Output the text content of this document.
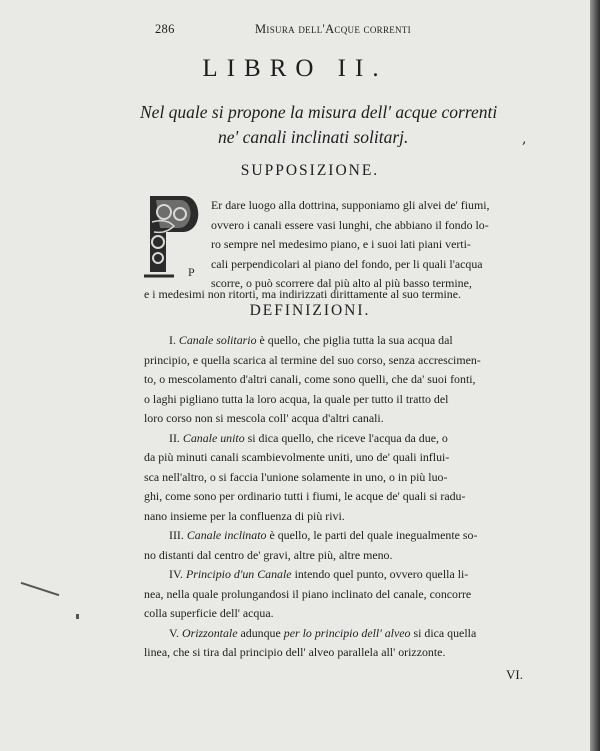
286	Misura dell'Acque correnti
LIBRO II.
Nel quale si propone la misura dell' acque correnti
ne' canali inclinati solitarj.	,
SUPPOSIZIONE.
P
Er dare luogo alla dottrina, supponiamo gli alvei de' fiumi,
ovvero i canali essere vasi lunghi, che abbiano il fondo lo-
ro sempre nel medesimo piano, e i suoi lati piani verti-
cali perpendicolari al piano del fondo, per li quali l'acqua
scorre, o può scorrere dal più alto al più basso termine,
e i medesimi non ritorti, ma indirizzati dirittamente al suo termine.
DEFINIZIONI.
I. Canale solitario è quello, che piglia tutta la sua acqua dal
principio, e quella scarica al termine del suo corso, senza accrescimen-
to, o mescolamento d'altri canali, come sono quelli, che da' suoi fonti,
o laghi pigliano tutta la loro acqua, la quale per tutto il tratto del
loro corso non si mescola coll' acqua d'altri canali.
II. Canale unito si dica quello, che riceve l'acqua da due, o
da più minuti canali scambievolmente uniti, uno de' quali influi-
sca nell'altro, o si faccia l'unione solamente in uno, o in più luo-
ghi, come sono per ordinario tutti i fiumi, le acque de' quali si radu-
nano insieme per la confluenza di più rivi.
III. Canale inclinato è quello, le parti del quale inegualmente so-
no distanti dal centro de' gravi, altre più, altre meno.
IV. Principio d'un Canale intendo quel punto, ovvero quella li-
nea, nella quale prolungandosi il piano inclinato del canale, concorre
colla superficie dell' acqua.
V. Orizzontale adunque per lo principio dell' alveo si dica quella
linea, che si tira dal principio dell' alveo parallela all' orizzonte.
VI.
